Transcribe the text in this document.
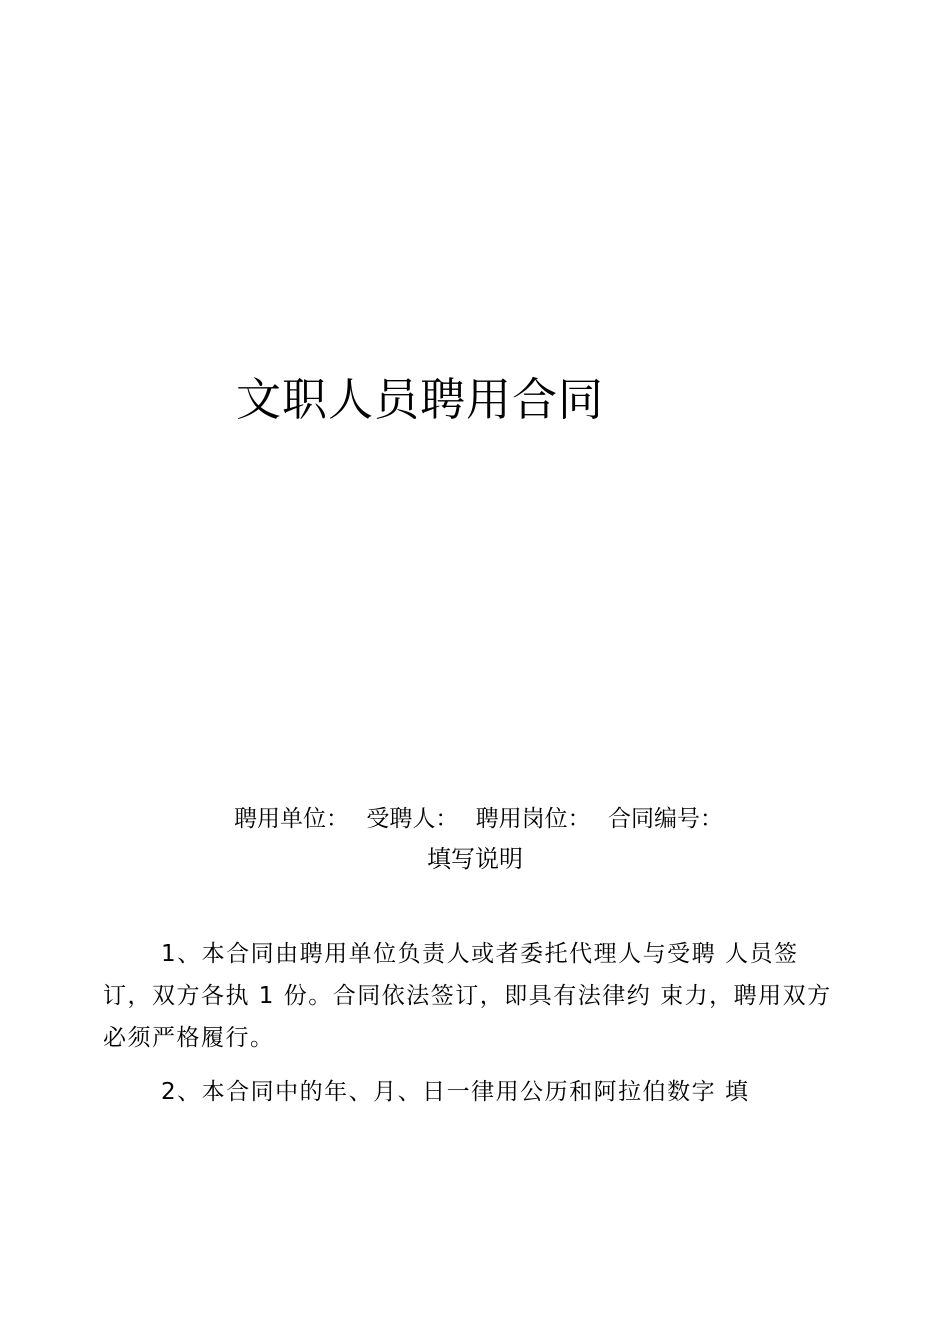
文职人员聘用合同
聘用单位： 受聘人： 聘用岗位： 合同编号：
填写说明

1、本合同由聘用单位负责人或者委托代理人与受聘 人员签订，双方各执 1 份。合同依法签订，即具有法律约 束力，聘用双方必须严格履行。

2、本合同中的年、月、日一律用公历和阿拉伯数字 填
